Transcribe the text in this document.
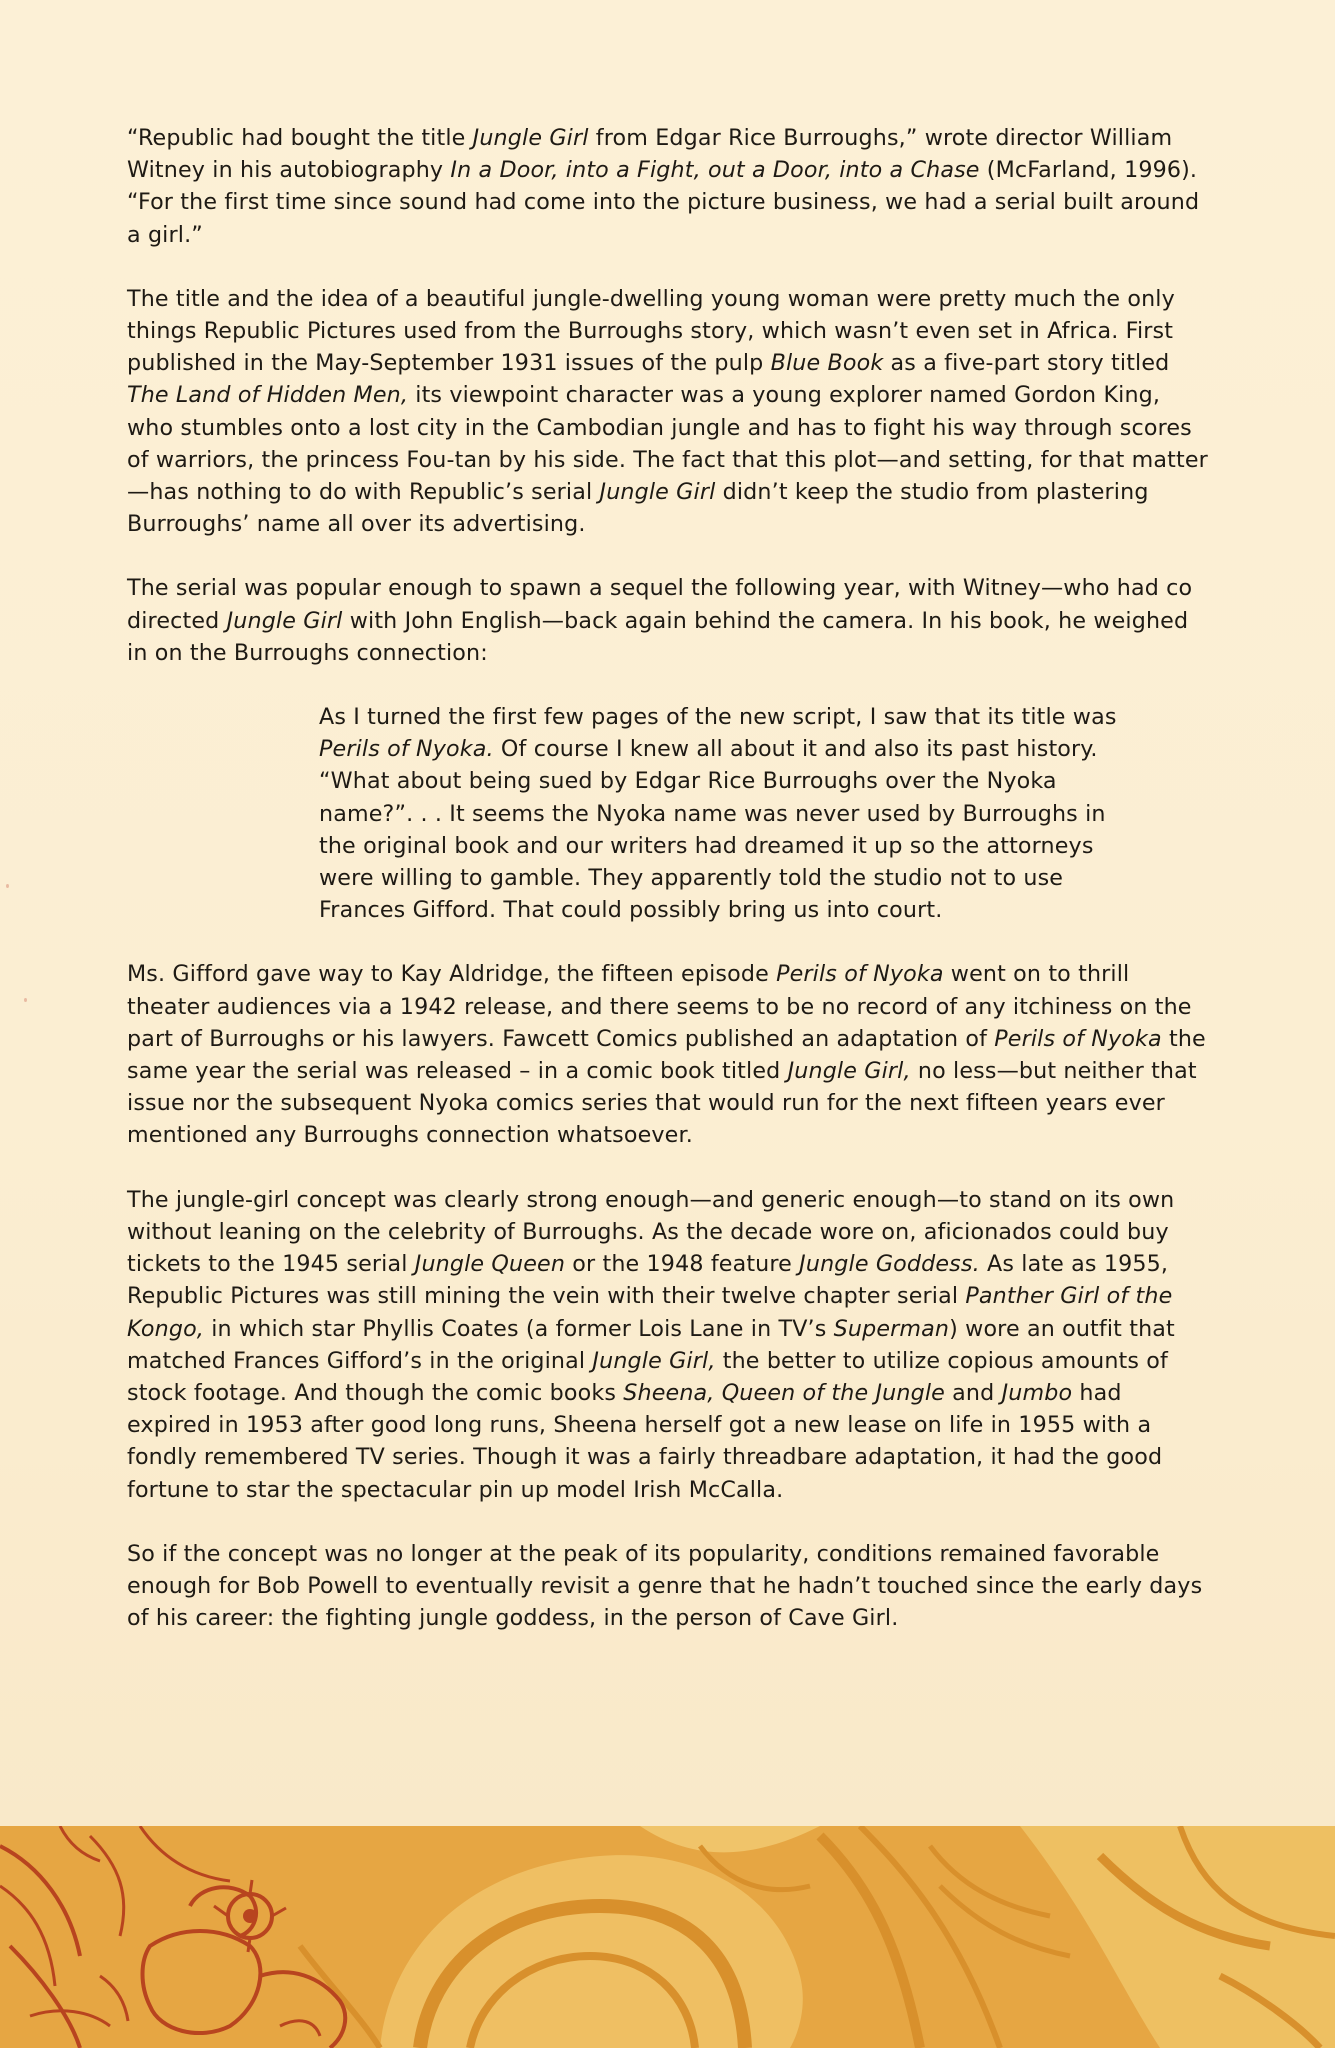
“Republic had bought the title Jungle Girl from Edgar Rice Burroughs,” wrote director William Witney in his autobiography In a Door, into a Fight, out a Door, into a Chase (McFarland, 1996). “For the first time since sound had come into the picture business, we had a serial built around a girl.”

The title and the idea of a beautiful jungle-dwelling young woman were pretty much the only things Republic Pictures used from the Burroughs story, which wasn’t even set in Africa. First published in the May-September 1931 issues of the pulp Blue Book as a five-part story titled The Land of Hidden Men, its viewpoint character was a young explorer named Gordon King, who stumbles onto a lost city in the Cambodian jungle and has to fight his way through scores of warriors, the princess Fou-tan by his side. The fact that this plot—and setting, for that matter—has nothing to do with Republic’s serial Jungle Girl didn’t keep the studio from plastering Burroughs’ name all over its advertising.

The serial was popular enough to spawn a sequel the following year, with Witney—who had co directed Jungle Girl with John English—back again behind the camera. In his book, he weighed in on the Burroughs connection:

As I turned the first few pages of the new script, I saw that its title was Perils of Nyoka. Of course I knew all about it and also its past history. “What about being sued by Edgar Rice Burroughs over the Nyoka name?”. . . It seems the Nyoka name was never used by Burroughs in the original book and our writers had dreamed it up so the attorneys were willing to gamble. They apparently told the studio not to use Frances Gifford. That could possibly bring us into court.

Ms. Gifford gave way to Kay Aldridge, the fifteen episode Perils of Nyoka went on to thrill theater audiences via a 1942 release, and there seems to be no record of any itchiness on the part of Burroughs or his lawyers. Fawcett Comics published an adaptation of Perils of Nyoka the same year the serial was released – in a comic book titled Jungle Girl, no less—but neither that issue nor the subsequent Nyoka comics series that would run for the next fifteen years ever mentioned any Burroughs connection whatsoever.

The jungle-girl concept was clearly strong enough—and generic enough—to stand on its own without leaning on the celebrity of Burroughs. As the decade wore on, aficionados could buy tickets to the 1945 serial Jungle Queen or the 1948 feature Jungle Goddess. As late as 1955, Republic Pictures was still mining the vein with their twelve chapter serial Panther Girl of the Kongo, in which star Phyllis Coates (a former Lois Lane in TV’s Superman) wore an outfit that matched Frances Gifford’s in the original Jungle Girl, the better to utilize copious amounts of stock footage. And though the comic books Sheena, Queen of the Jungle and Jumbo had expired in 1953 after good long runs, Sheena herself got a new lease on life in 1955 with a fondly remembered TV series. Though it was a fairly threadbare adaptation, it had the good fortune to star the spectacular pin up model Irish McCalla.

So if the concept was no longer at the peak of its popularity, conditions remained favorable enough for Bob Powell to eventually revisit a genre that he hadn’t touched since the early days of his career: the fighting jungle goddess, in the person of Cave Girl.
